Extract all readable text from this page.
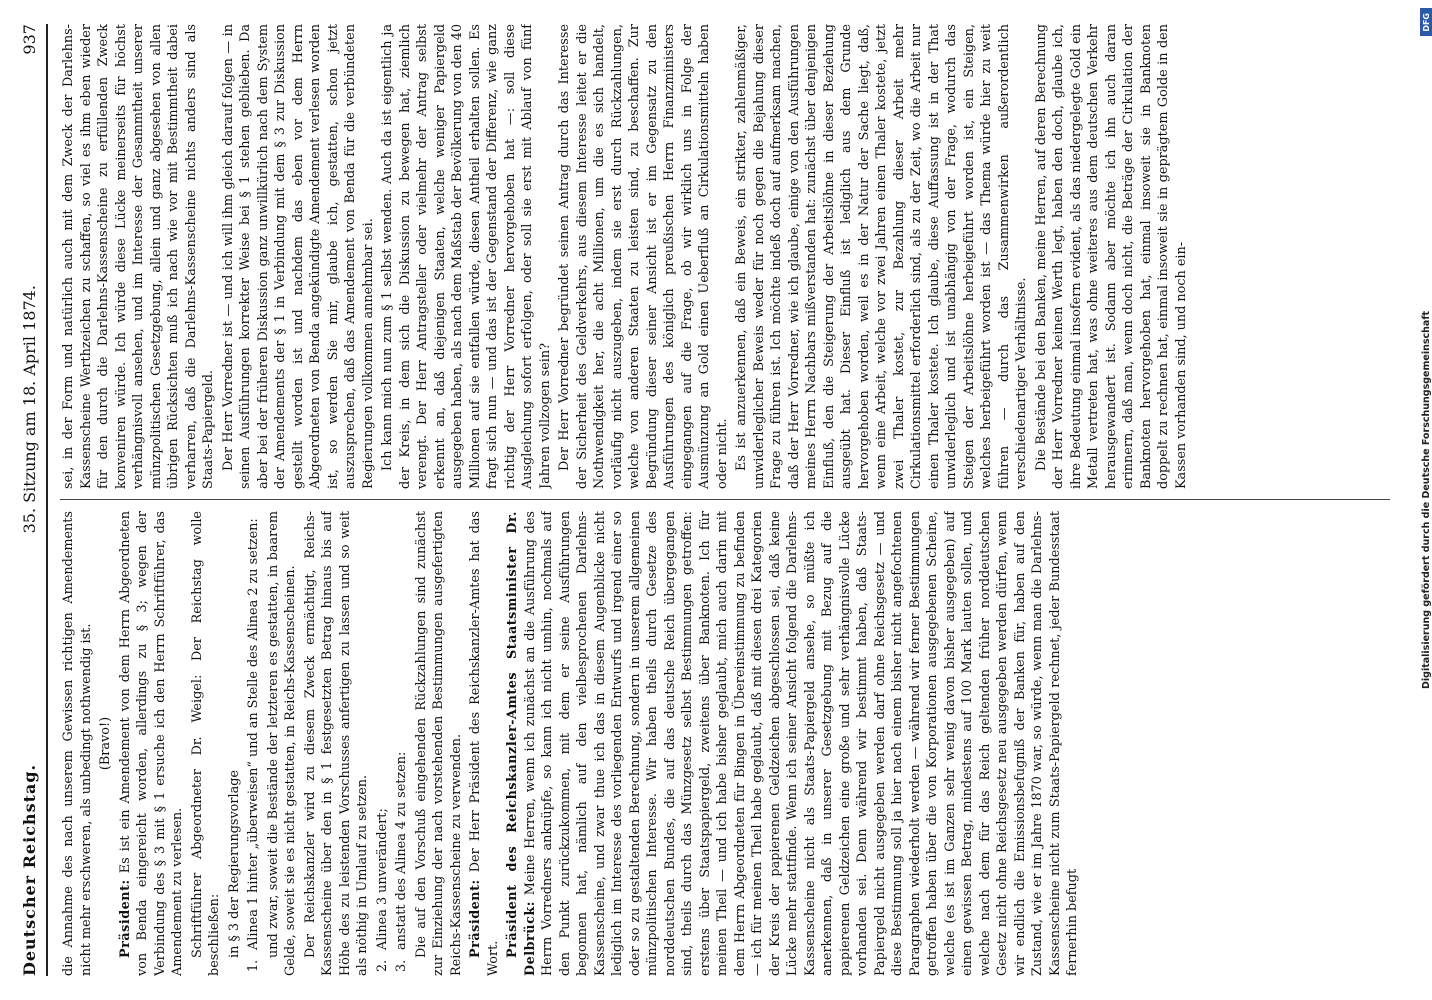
DFG
Digitalisierung gefördert durch die Deutsche Forschungsgemeinschaft
Deutscher Reichstag.
35. Sitzung am 18. April 1874.
937

die Annahme des nach unserem Gewissen richtigen Amendements nicht mehr erschweren, als unbedingt nothwendig ist. (Bravo!)

Präsident: Es ist ein Amendement von dem Herrn Abgeordneten von Benda eingereicht worden, allerdings zu § 3; wegen der Verbindung des § 3 mit § 1 ersuche ich den Herrn Schriftführer, das Amendement zu verlesen. Schriftführer Abgeordneter Dr. Weigel: Der Reichstag wolle beschließen: in § 3 der Regierungsvorlage

1.Alinea 1 hinter „überweisen“ und an Stelle des Alinea 2 zu setzen: und zwar, soweit die Bestände der letzteren es gestatten, in baarem Gelde, soweit sie es nicht gestatten, in Reichs-Kassenscheinen. Der Reichskanzler wird zu diesem Zweck ermächtigt, Reichs-Kassenscheine über den in § 1 festgesetzten Betrag hinaus bis auf Höhe des zu leistenden Vorschusses anfertigen zu lassen und so weit als nöthig in Umlauf zu setzen. 2.Alinea 3 unverändert;

3.anstatt des Alinea 4 zu setzen: Die auf den Vorschuß eingehenden Rückzahlungen sind zunächst zur Einziehung der nach vorstehenden Bestimmungen ausgefertigten Reichs-Kassenscheine zu verwenden. Präsident: Der Herr Präsident des Reichskanzler-Amtes hat das Wort.

Präsident des Reichskanzler-Amtes Staatsminister Dr. Delbrück: Meine Herren, wenn ich zunächst an die Ausführung des Herrn Vorredners anknüpfe, so kann ich nicht umhin, nochmals auf den Punkt zurückzukommen, mit dem er seine Ausführungen begonnen hat, nämlich auf den vielbesprochenen Darlehns-Kassenscheine, und zwar thue ich das in diesem Augenblicke nicht lediglich im Interesse des vorliegenden Entwurfs und irgend einer so oder so zu gestaltenden Berechnung, sondern in unserem allgemeinen münzpolitischen Interesse. Wir haben theils durch Gesetze des norddeutschen Bundes, die auf das deutsche Reich übergegangen sind, theils durch das Münzgesetz selbst Bestimmungen getroffen: erstens über Staatspapiergeld, zweitens über Banknoten. Ich für meinen Theil — und ich habe bisher geglaubt, mich auch darin mit dem Herrn Abgeordneten für Bingen in Übereinstimmung zu befinden — ich für meinen Theil habe geglaubt, daß mit diesen drei Kategorien der Kreis der papierenen Geldzeichen abgeschlossen sei, daß keine Lücke mehr stattfinde. Wenn ich seiner Ansicht folgend die Darlehns-Kassenscheine nicht als Staats-Papiergeld ansehe, so müßte ich anerkennen, daß in unserer Gesetzgebung mit Bezug auf die papierenen Geldzeichen eine große und sehr verhängnisvolle Lücke vorhanden sei. Denn während wir bestimmt haben, daß Staats-Papiergeld nicht ausgegeben werden darf ohne Reichsgesetz — und diese Bestimmung soll ja hier nach einem bisher nicht angefochtenen Paragraphen wiederholt werden — während wir ferner Bestimmungen getroffen haben über die von Korporationen ausgegebenen Scheine, welche (es ist im Ganzen sehr wenig davon bisher ausgegeben) auf einen gewissen Betrag, mindestens auf 100 Mark lauten sollen, und welche nach dem für das Reich geltenden früher norddeutschen Gesetz nicht ohne Reichsgesetz neu ausgegeben werden dürfen, wenn wir endlich die Emissionsbefugniß der Banken für, haben auf den Zustand, wie er im Jahre 1870 war, so würde, wenn man die Darlehns-Kassenscheine nicht zum Staats-Papiergeld rechnet, jeder Bundesstaat fernerhin befugt

sei, in der Form und natürlich auch mit dem Zweck der Darlehns-Kassenscheine Werthzeichen zu schaffen, so viel es ihm eben wieder für den durch die Darlehns-Kassenscheine zu erfüllenden Zweck konveniren würde. Ich würde diese Lücke meinerseits für höchst verhängnisvoll ansehen, und im Interesse der Gesammtheit unserer münzpolitischen Gesetzgebung, allein und ganz abgesehen von allen übrigen Rücksichten muß ich nach wie vor mit Bestimmtheit dabei verharren, daß die Darlehns-Kassenscheine nichts anders sind als Staats-Papiergeld. Der Herr Vorredner ist — und ich will ihm gleich darauf folgen — in seinen Ausführungen korrekter Weise bei § 1 stehen geblieben. Da aber bei der früheren Diskussion ganz unwillkürlich nach dem System der Amendements der § 1 in Verbindung mit dem § 3 zur Diskussion gestellt worden ist und nachdem das eben vor dem Herrn Abgeordneten von Benda angekündigte Amendement verlesen worden ist, so werden Sie mir, glaube ich, gestatten, schon jetzt auszusprechen, daß das Amendement von Benda für die verbündeten Regierungen vollkommen annehmbar sei. Ich kann mich nun zum § 1 selbst wenden. Auch da ist eigentlich ja der Kreis, in dem sich die Diskussion zu bewegen hat, ziemlich verengt. Der Herr Antragsteller oder vielmehr der Antrag selbst erkennt an, daß diejenigen Staaten, welche weniger Papiergeld ausgegeben haben, als nach dem Maßstab der Bevölkerung von den 40 Millionen auf sie entfallen würde, diesen Antheil erhalten sollen. Es fragt sich nun — und das ist der Gegenstand der Differenz, wie ganz richtig der Herr Vorredner hervorgehoben hat —: soll diese Ausgleichung sofort erfolgen, oder soll sie erst mit Ablauf von fünf Jahren vollzogen sein? Der Herr Vorredner begründet seinen Antrag durch das Interesse der Sicherheit des Geldverkehrs, aus diesem Interesse leitet er die Nothwendigkeit her, die acht Millionen, um die es sich handelt, vorläufig nicht auszugeben, indem sie erst durch Rückzahlungen, welche von anderen Staaten zu leisten sind, zu beschaffen. Zur Begründung dieser seiner Ansicht ist er im Gegensatz zu den Ausführungen des königlich preußischen Herrn Finanzministers eingegangen auf die Frage, ob wir wirklich uns in Folge der Ausmünzung an Gold einen Ueberfluß an Cirkulationsmitteln haben oder nicht. Es ist anzuerkennen, daß ein Beweis, ein strikter, zahlenmäßiger, unwiderleglicher Beweis weder für noch gegen die Bejahung dieser Frage zu führen ist. Ich möchte indeß doch auf aufmerksam machen, daß der Herr Vorredner, wie ich glaube, einige von den Ausführungen meines Herrn Nachbars mißverstanden hat: zunächst über denjenigen Einfluß, den die Steigerung der Arbeitslöhne in dieser Beziehung ausgeübt hat. Dieser Einfluß ist lediglich aus dem Grunde hervorgehoben worden, weil es in der Natur der Sache liegt, daß, wenn eine Arbeit, welche vor zwei Jahren einen Thaler kostete, jetzt zwei Thaler kostet, zur Bezahlung dieser Arbeit mehr Cirkulationsmittel erforderlich sind, als zu der Zeit, wo die Arbeit nur einen Thaler kostete. Ich glaube, diese Auffassung ist in der That unwiderleglich und ist unabhängig von der Frage, wodurch das Steigen der Arbeitslöhne herbeigeführt worden ist, ein Steigen, welches herbeigeführt worden ist — das Thema würde hier zu weit führen — durch das Zusammenwirken außerordentlich verschiedenartiger Verhältnisse. Die Bestände bei den Banken, meine Herren, auf deren Berechnung der Herr Vorredner keinen Werth legt, haben den doch, glaube ich, ihre Bedeutung einmal insofern evident, als das niedergelegte Gold ein Metall vertreten hat, was ohne weiteres aus dem deutschen Verkehr herausgewandert ist. Sodann aber möchte ich ihn auch daran erinnern, daß man, wenn doch nicht, die Beträge der Cirkulation der Banknoten hervorgehoben hat, einmal insoweit sie in Banknoten doppelt zu rechnen hat, einmal insoweit sie in geprägtem Golde in den Kassen vorhanden sind, und noch ein-
